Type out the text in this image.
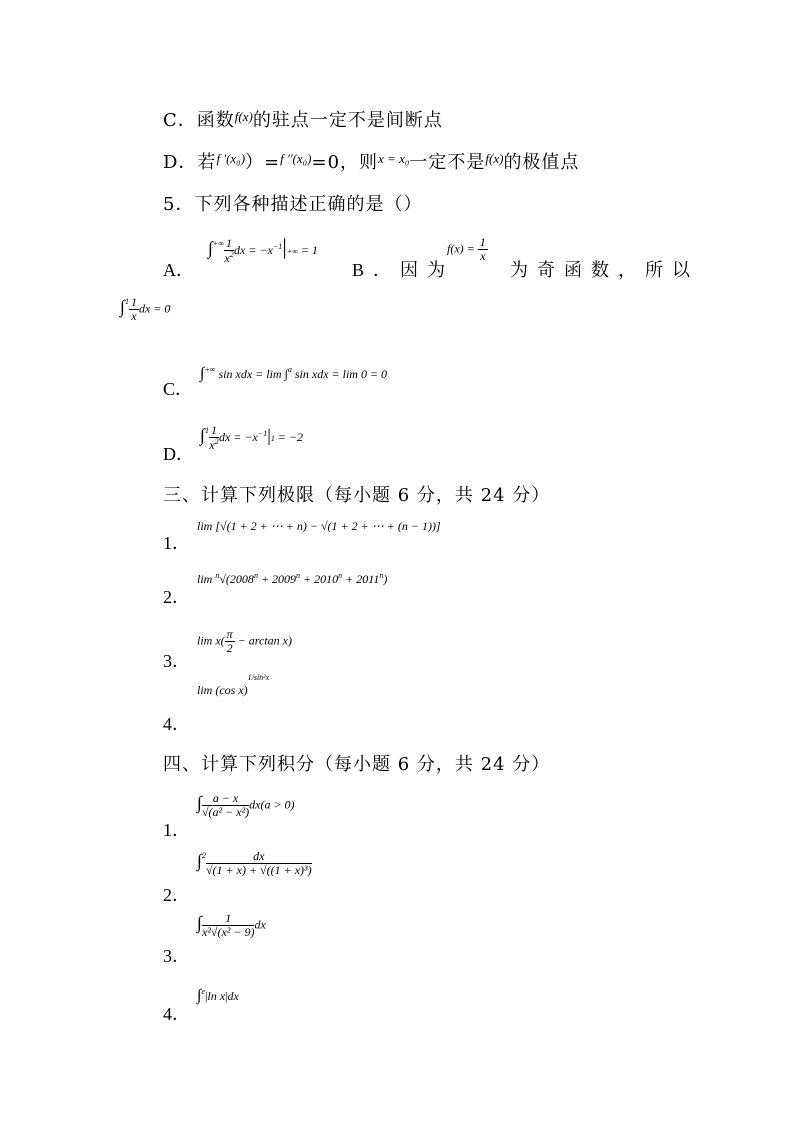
C．函数$^{f(x)}$的驻点一定不是间断点
D．若$^{f '(x_0)}$）=$^{f ''(x_0)}$=0，则$^{x = x_0}$一定不是$^{f(x)}$的极值点
5．下列各种描述正确的是（）
A．
$\int^{+\infty} \frac{1}{x^2}$ dx = $-x^{-1}|+\infty = 1$
B．因为
$f(x) = \frac{1}{x}$
为奇函数，所以
$\int^1 \frac{1}{x}$ dx = 0
C．
∫+∞ sin xdx = lim ∫$^a$ sin xdx = lim 0 = 0
D．
$\int^1 \frac{1}{x^2}$ dx = $-x^{-1}|1 = -2$
三、计算下列极限（每小题 6 分，共 24 分）
1．
lim [√(1 + 2 + ⋯ + n) − √(1 + 2 + ⋯ + (n − 1))]
2．
$\lim ^n√(2008^n + 2009^n + 2010^n + 2011^n)$
3．
$\lim x( \frac{\pi}{2} - \arctan x)$
4．
lim (cos x)$^{1/sin^2x}$
四、计算下列积分（每小题 6 分，共 24 分）
1．
∫ $\frac{a - x}{\text{√(a² − x²)}} dx(a > 0)$
2．
$\int^2 \frac{dx}{\text{√(1 + x) + √((1 + x)³)}}$
3．
∫ $\frac{1}{\text{x²√(x² − 9)}}$ dx
4．
∫$^e$|ln x|dx
